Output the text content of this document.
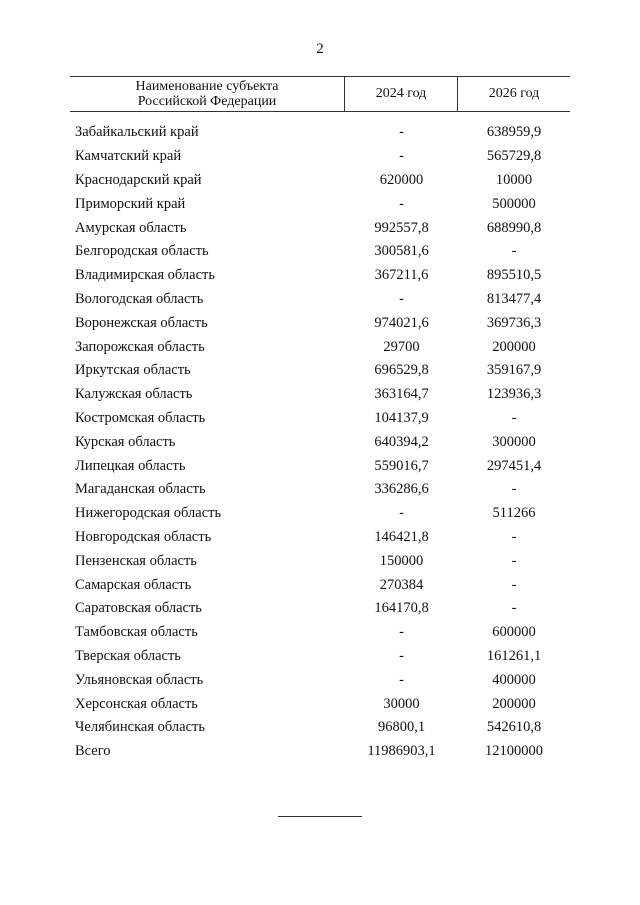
2
Наименование субъекта
Российской Федерации
2024 год	2026 год
Забайкальский край	-	638959,9
Камчатский край	-	565729,8
Краснодарский край	620000	10000
Приморский край	-	500000
Амурская область	992557,8	688990,8
Белгородская область	300581,6	-
Владимирская область	367211,6	895510,5
Вологодская область	-	813477,4
Воронежская область	974021,6	369736,3
Запорожская область	29700	200000
Иркутская область	696529,8	359167,9
Калужская область	363164,7	123936,3
Костромская область	104137,9	-
Курская область	640394,2	300000
Липецкая область	559016,7	297451,4
Магаданская область	336286,6	-
Нижегородская область	-	511266
Новгородская область	146421,8	-
Пензенская область	150000	-
Самарская область	270384	-
Саратовская область	164170,8	-
Тамбовская область	-	600000
Тверская область	-	161261,1
Ульяновская область	-	400000
Херсонская область	30000	200000
Челябинская область	96800,1	542610,8
Всего	11986903,1	12100000
